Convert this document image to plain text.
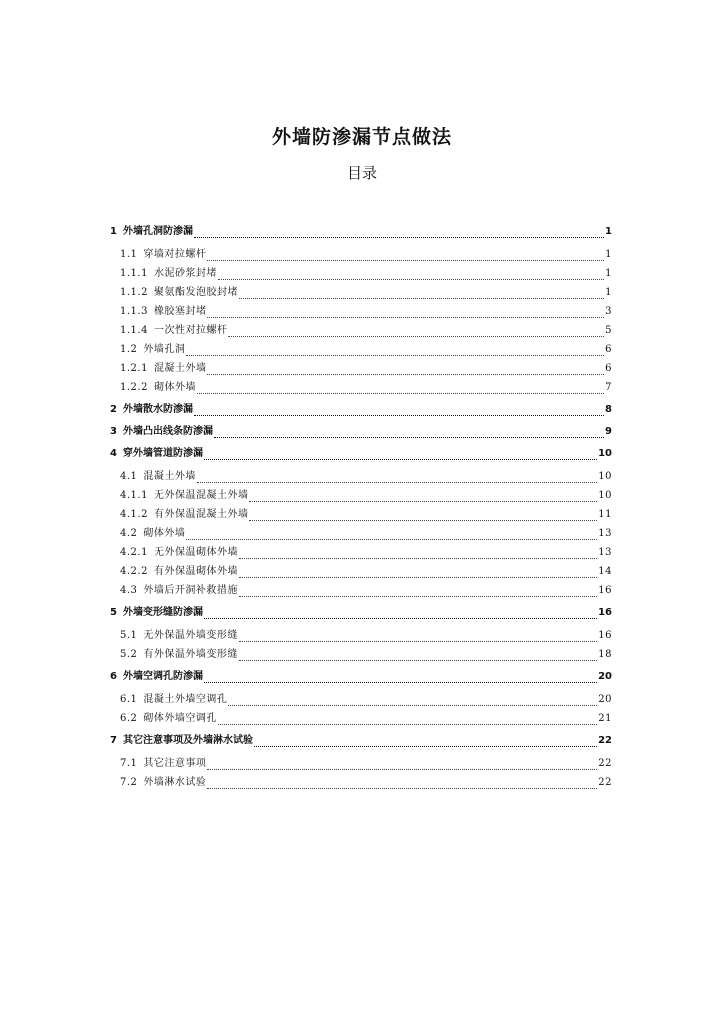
外墙防渗漏节点做法
目录
1 外墙孔洞防渗漏	1
1.1 穿墙对拉螺杆	1
1.1.1 水泥砂浆封堵	1
1.1.2 聚氨酯发泡胶封堵	1
1.1.3 橡胶塞封堵	3
1.1.4 一次性对拉螺杆	5
1.2 外墙孔洞	6
1.2.1 混凝土外墙	6
1.2.2 砌体外墙	7
2 外墙散水防渗漏	8
3 外墙凸出线条防渗漏	9
4 穿外墙管道防渗漏	10
4.1 混凝土外墙	10
4.1.1 无外保温混凝土外墙	10
4.1.2 有外保温混凝土外墙	11
4.2 砌体外墙	13
4.2.1 无外保温砌体外墙	13
4.2.2 有外保温砌体外墙	14
4.3 外墙后开洞补救措施	16
5 外墙变形缝防渗漏	16
5.1 无外保温外墙变形缝	16
5.2 有外保温外墙变形缝	18
6 外墙空调孔防渗漏	20
6.1 混凝土外墙空调孔	20
6.2 砌体外墙空调孔	21
7 其它注意事项及外墙淋水试验	22
7.1 其它注意事项	22
7.2 外墙淋水试验	22
